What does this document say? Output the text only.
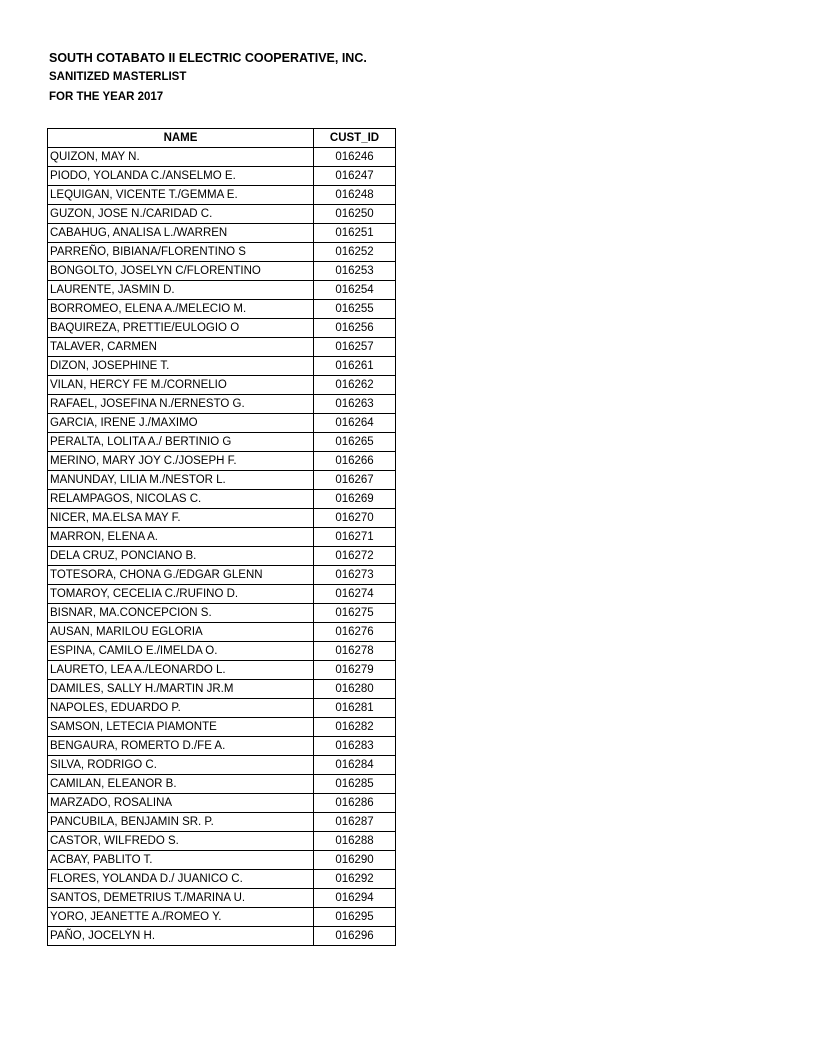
SOUTH COTABATO II ELECTRIC COOPERATIVE, INC.
SANITIZED MASTERLIST
FOR THE YEAR 2017
NAME	CUST_ID
QUIZON, MAY N.	016246
PIODO, YOLANDA C./ANSELMO E.	016247
LEQUIGAN, VICENTE T./GEMMA E.	016248
GUZON, JOSE N./CARIDAD C.	016250
CABAHUG, ANALISA L./WARREN	016251
PARREÑO, BIBIANA/FLORENTINO S	016252
BONGOLTO, JOSELYN C/FLORENTINO	016253
LAURENTE, JASMIN D.	016254
BORROMEO, ELENA A./MELECIO M.	016255
BAQUIREZA, PRETTIE/EULOGIO O	016256
TALAVER, CARMEN	016257
DIZON, JOSEPHINE T.	016261
VILAN, HERCY FE M./CORNELIO	016262
RAFAEL, JOSEFINA N./ERNESTO G.	016263
GARCIA, IRENE J./MAXIMO	016264
PERALTA, LOLITA A./ BERTINIO G	016265
MERINO, MARY JOY C./JOSEPH F.	016266
MANUNDAY, LILIA M./NESTOR L.	016267
RELAMPAGOS, NICOLAS C.	016269
NICER, MA.ELSA MAY F.	016270
MARRON, ELENA A.	016271
DELA CRUZ, PONCIANO B.	016272
TOTESORA, CHONA G./EDGAR GLENN	016273
TOMAROY, CECELIA C./RUFINO D.	016274
BISNAR, MA.CONCEPCION S.	016275
AUSAN, MARILOU EGLORIA	016276
ESPINA, CAMILO E./IMELDA O.	016278
LAURETO, LEA A./LEONARDO L.	016279
DAMILES, SALLY H./MARTIN JR.M	016280
NAPOLES, EDUARDO P.	016281
SAMSON, LETECIA PIAMONTE	016282
BENGAURA, ROMERTO D./FE A.	016283
SILVA, RODRIGO C.	016284
CAMILAN, ELEANOR B.	016285
MARZADO, ROSALINA	016286
PANCUBILA, BENJAMIN SR. P.	016287
CASTOR, WILFREDO S.	016288
ACBAY, PABLITO T.	016290
FLORES, YOLANDA D./ JUANICO C.	016292
SANTOS, DEMETRIUS T./MARINA U.	016294
YORO, JEANETTE A./ROMEO Y.	016295
PAÑO, JOCELYN H.	016296
